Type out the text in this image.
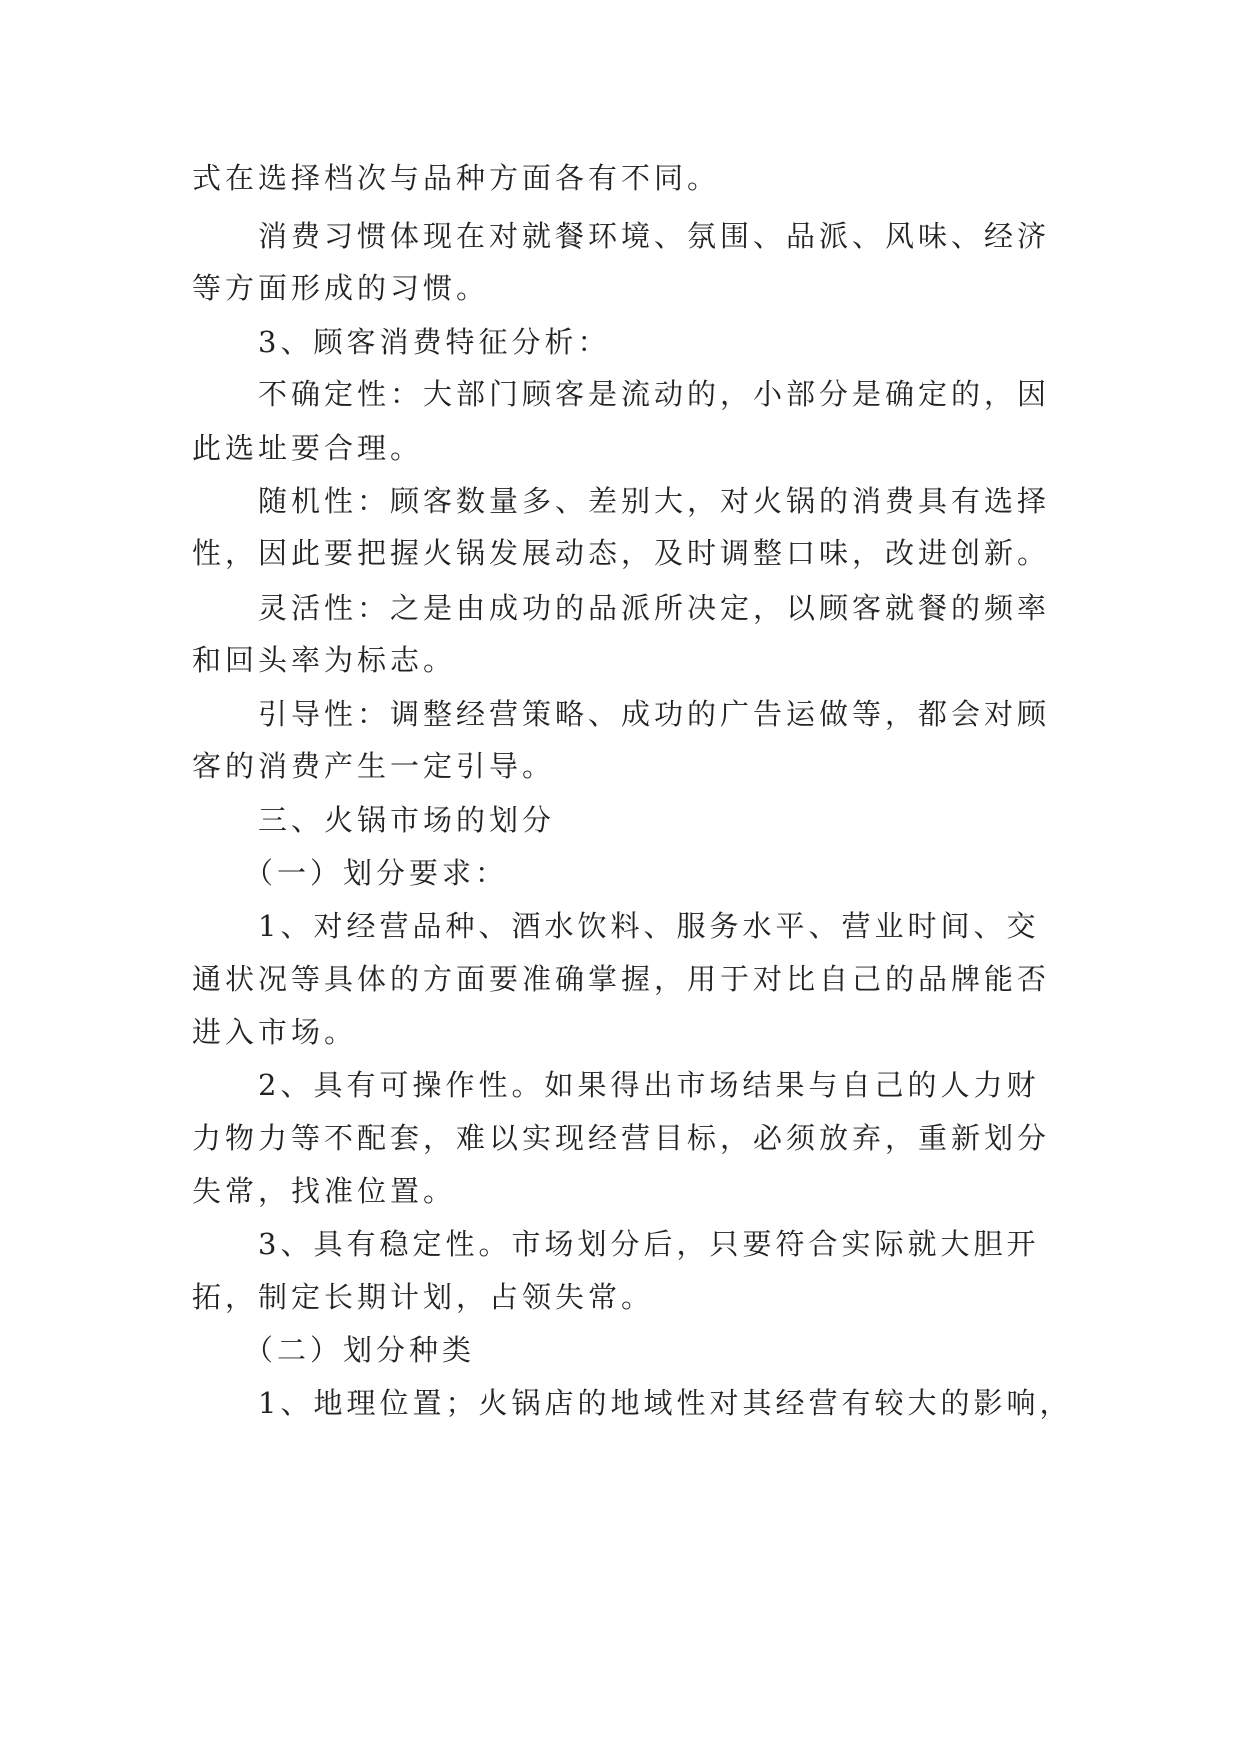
式在选择档次与品种方面各有不同。
消费习惯体现在对就餐环境、氛围、品派、风味、经济
等方面形成的习惯。
3、顾客消费特征分析：
不确定性：大部门顾客是流动的，小部分是确定的，因
此选址要合理。
随机性：顾客数量多、差别大，对火锅的消费具有选择
性，因此要把握火锅发展动态，及时调整口味，改进创新。
灵活性：之是由成功的品派所决定，以顾客就餐的频率
和回头率为标志。
引导性：调整经营策略、成功的广告运做等，都会对顾
客的消费产生一定引导。
三、火锅市场的划分
（一）划分要求：
1、对经营品种、酒水饮料、服务水平、营业时间、交
通状况等具体的方面要准确掌握，用于对比自己的品牌能否
进入市场。
2、具有可操作性。如果得出市场结果与自己的人力财
力物力等不配套，难以实现经营目标，必须放弃，重新划分
失常，找准位置。
3、具有稳定性。市场划分后，只要符合实际就大胆开
拓，制定长期计划，占领失常。
（二）划分种类
1、地理位置；火锅店的地域性对其经营有较大的影响，
